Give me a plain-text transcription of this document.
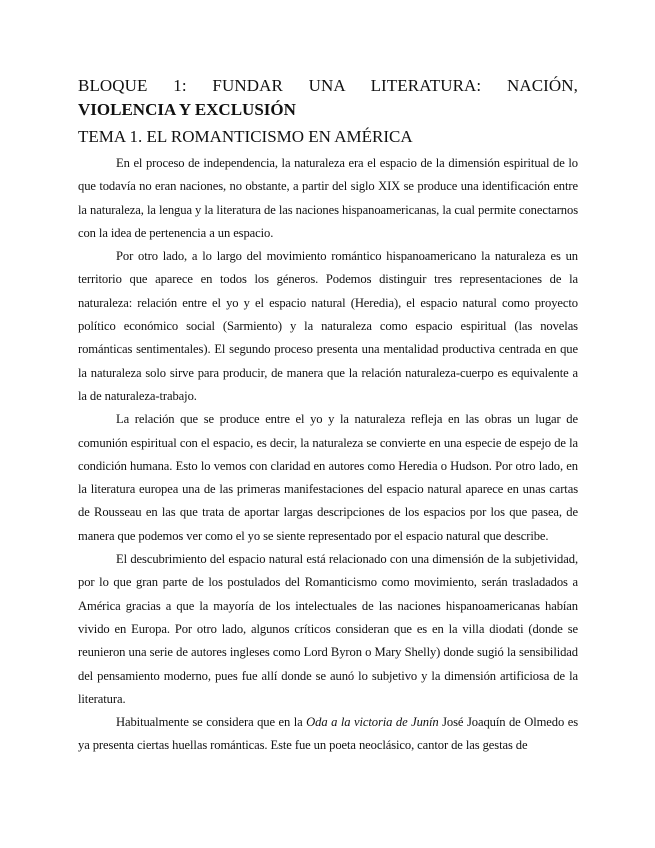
BLOQUE 1: FUNDAR UNA LITERATURA: NACIÓN,
VIOLENCIA Y EXCLUSIÓN
TEMA 1. EL ROMANTICISMO EN AMÉRICA

En el proceso de independencia, la naturaleza era el espacio de la dimensión espiritual de lo que todavía no eran naciones, no obstante, a partir del siglo XIX se produce una identificación entre la naturaleza, la lengua y la literatura de las naciones hispanoamericanas, la cual permite conectarnos con la idea de pertenencia a un espacio.

Por otro lado, a lo largo del movimiento romántico hispanoamericano la naturaleza es un territorio que aparece en todos los géneros. Podemos distinguir tres representaciones de la naturaleza: relación entre el yo y el espacio natural (Heredia), el espacio natural como proyecto político económico social (Sarmiento) y la naturaleza como espacio espiritual (las novelas románticas sentimentales). El segundo proceso presenta una mentalidad productiva centrada en que la naturaleza solo sirve para producir, de manera que la relación naturaleza-cuerpo es equivalente a la de naturaleza-trabajo.

La relación que se produce entre el yo y la naturaleza refleja en las obras un lugar de comunión espiritual con el espacio, es decir, la naturaleza se convierte en una especie de espejo de la condición humana. Esto lo vemos con claridad en autores como Heredia o Hudson. Por otro lado, en la literatura europea una de las primeras manifestaciones del espacio natural aparece en unas cartas de Rousseau en las que trata de aportar largas descripciones de los espacios por los que pasea, de manera que podemos ver como el yo se siente representado por el espacio natural que describe.

El descubrimiento del espacio natural está relacionado con una dimensión de la subjetividad, por lo que gran parte de los postulados del Romanticismo como movimiento, serán trasladados a América gracias a que la mayoría de los intelectuales de las naciones hispanoamericanas habían vivido en Europa. Por otro lado, algunos críticos consideran que es en la villa diodati (donde se reunieron una serie de autores ingleses como Lord Byron o Mary Shelly) donde sugió la sensibilidad del pensamiento moderno, pues fue allí donde se aunó lo subjetivo y la dimensión artificiosa de la literatura.

Habitualmente se considera que en la Oda a la victoria de Junín José Joaquín de Olmedo es ya presenta ciertas huellas románticas. Este fue un poeta neoclásico, cantor de las gestas de
